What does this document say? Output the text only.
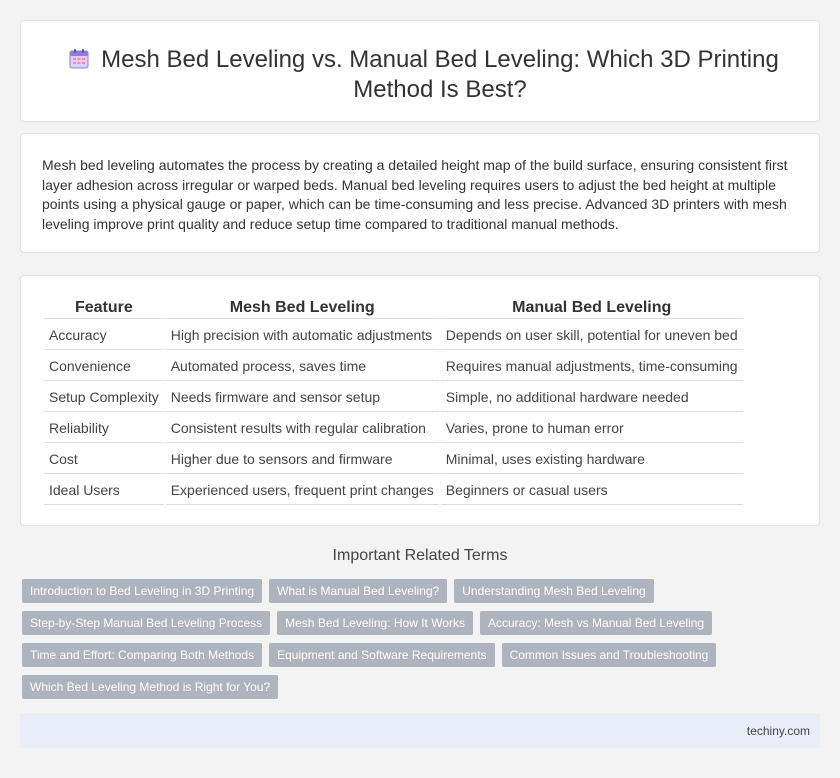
Mesh Bed Leveling vs. Manual Bed Leveling: Which 3D Printing Method Is Best?

Mesh bed leveling automates the process by creating a detailed height map of the build surface, ensuring consistent first layer adhesion across irregular or warped beds. Manual bed leveling requires users to adjust the bed height at multiple points using a physical gauge or paper, which can be time-consuming and less precise. Advanced 3D printers with mesh leveling improve print quality and reduce setup time compared to traditional manual methods.

Feature	Mesh Bed Leveling	Manual Bed Leveling
Accuracy	High precision with automatic adjustments	Depends on user skill, potential for uneven bed
Convenience	Automated process, saves time	Requires manual adjustments, time-consuming
Setup Complexity	Needs firmware and sensor setup	Simple, no additional hardware needed
Reliability	Consistent results with regular calibration	Varies, prone to human error
Cost	Higher due to sensors and firmware	Minimal, uses existing hardware
Ideal Users	Experienced users, frequent print changes	Beginners or casual users
Important Related Terms
Introduction to Bed Leveling in 3D Printing	What is Manual Bed Leveling?	Understanding Mesh Bed Leveling
Step-by-Step Manual Bed Leveling Process	Mesh Bed Leveling: How It Works	Accuracy: Mesh vs Manual Bed Leveling
Time and Effort: Comparing Both Methods	Equipment and Software Requirements	Common Issues and Troubleshooting
Which Bed Leveling Method is Right for You?
techiny.com
